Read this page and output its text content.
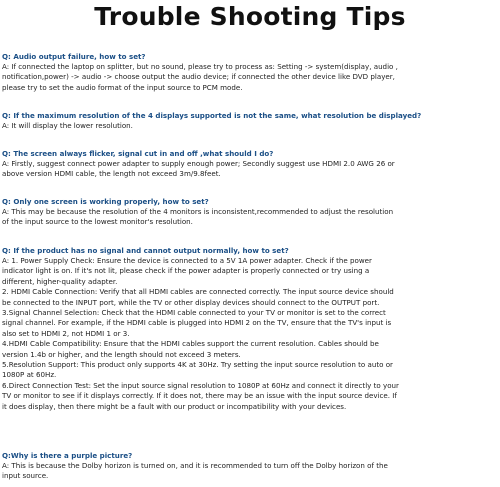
Trouble Shooting Tips

Q: Audio output failure, how to set?

A: If connected the laptop on splitter, but no sound, please try to process as: Setting -> system(display, audio ,
notification,power) -> audio -> choose output the audio device; if connected the other device like DVD player,
please try to set the audio format of the input source to PCM mode.

Q: If the maximum resolution of the 4 displays supported is not the same, what resolution be displayed?

A: It will display the lower resolution.

Q: The screen always flicker, signal cut in and off ,what should I do?

A: Firstly, suggest connect power adapter to supply enough power; Secondly suggest use HDMI 2.0 AWG 26 or
above version HDMI cable, the length not exceed 3m/9.8feet.

Q: Only one screen is working properly, how to set?

A: This may be because the resolution of the 4 monitors is inconsistent,recommended to adjust the resolution
of the input source to the lowest monitor's resolution.

Q: If the product has no signal and cannot output normally, how to set?

A: 1. Power Supply Check: Ensure the device is connected to a 5V 1A power adapter. Check if the power
indicator light is on. If it's not lit, please check if the power adapter is properly connected or try using a
different, higher-quality adapter.
2. HDMI Cable Connection: Verify that all HDMI cables are connected correctly. The input source device should
be connected to the INPUT port, while the TV or other display devices should connect to the OUTPUT port.
3.Signal Channel Selection: Check that the HDMI cable connected to your TV or monitor is set to the correct
signal channel. For example, if the HDMI cable is plugged into HDMI 2 on the TV, ensure that the TV's input is
also set to HDMI 2, not HDMI 1 or 3.
4.HDMI Cable Compatibility: Ensure that the HDMI cables support the current resolution. Cables should be
version 1.4b or higher, and the length should not exceed 3 meters.
5.Resolution Support: This product only supports 4K at 30Hz. Try setting the input source resolution to auto or
1080P at 60Hz.
6.Direct Connection Test: Set the input source signal resolution to 1080P at 60Hz and connect it directly to your
TV or monitor to see if it displays correctly. If it does not, there may be an issue with the input source device. If
it does display, then there might be a fault with our product or incompatibility with your devices.

Q:Why is there a purple picture?

A: This is because the Dolby horizon is turned on, and it is recommended to turn off the Dolby horizon of the
input source.
